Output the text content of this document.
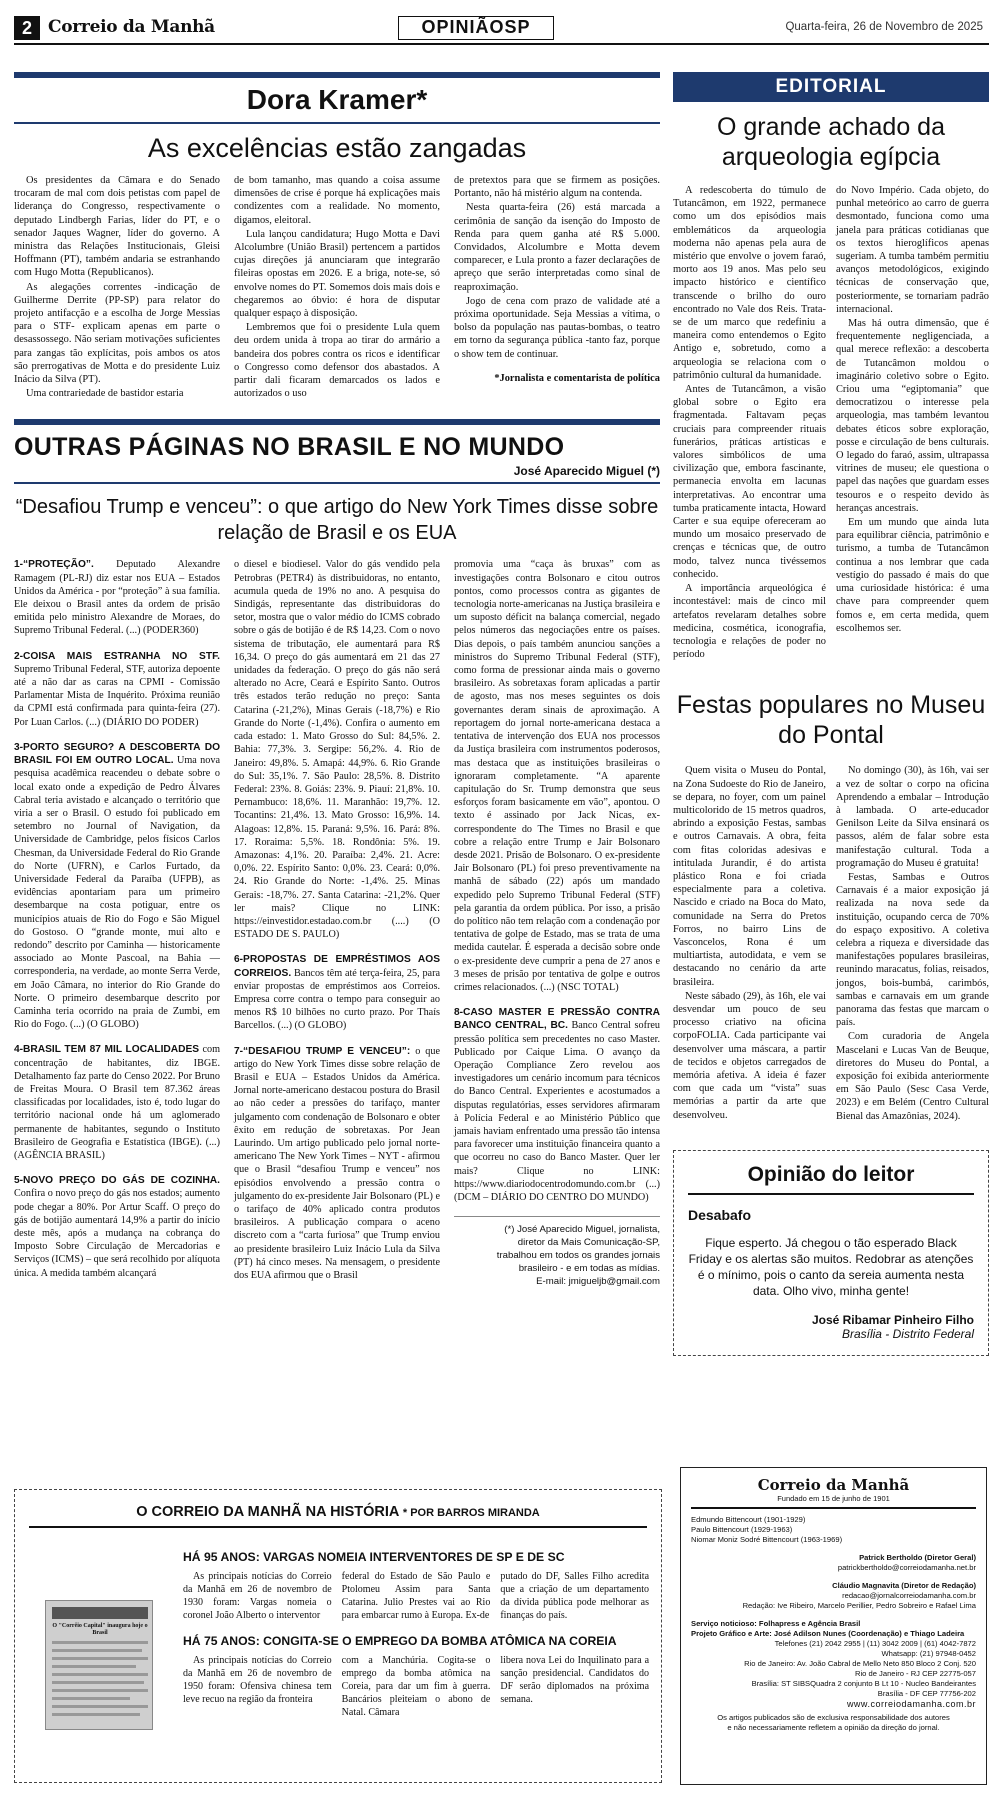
2 Correio da Manhã	OPINIÃOSP	Quarta-feira, 26 de Novembro de 2025
Dora Kramer*
As excelências estão zangadas

Os presidentes da Câmara e do Senado trocaram de mal com dois petistas com papel de liderança do Congresso, respectivamente o deputado Lindbergh Farias, líder do PT, e o senador Jaques Wagner, líder do governo. A ministra das Relações Institucionais, Gleisi Hoffmann (PT), também andaria se estranhando com Hugo Motta (Republicanos).

As alegações correntes -indicação de Guilherme Derrite (PP-SP) para relator do projeto antifacção e a escolha de Jorge Messias para o STF- explicam apenas em parte o desassossego. Não seriam motivações suficientes para zangas tão explícitas, pois ambos os atos são prerrogativas de Motta e do presidente Luiz Inácio da Silva (PT).

Uma contrariedade de bastidor estaria

de bom tamanho, mas quando a coisa assume dimensões de crise é porque há explicações mais condizentes com a realidade. No momento, digamos, eleitoral.

Lula lançou candidatura; Hugo Motta e Davi Alcolumbre (União Brasil) pertencem a partidos cujas direções já anunciaram que integrarão fileiras opostas em 2026. E a briga, note-se, só envolve nomes do PT. Somemos dois mais dois e chegaremos ao óbvio: é hora de disputar qualquer espaço à disposição.

Lembremos que foi o presidente Lula quem deu ordem unida à tropa ao tirar do armário a bandeira dos pobres contra os ricos e identificar o Congresso como defensor dos abastados. A partir dali ficaram demarcados os lados e autorizados o uso

de pretextos para que se firmem as posições. Portanto, não há mistério algum na contenda.

Nesta quarta-feira (26) está marcada a cerimônia de sanção da isenção do Imposto de Renda para quem ganha até R$ 5.000. Convidados, Alcolumbre e Motta devem comparecer, e Lula pronto a fazer declarações de apreço que serão interpretadas como sinal de reaproximação.

Jogo de cena com prazo de validade até a próxima oportunidade. Seja Messias a vítima, o bolso da população nas pautas-bombas, o teatro em torno da segurança pública -tanto faz, porque o show tem de continuar.

*Jornalista e comentarista de política

OUTRAS PÁGINAS NO BRASIL E NO MUNDO
José Aparecido Miguel (*)
“Desafiou Trump e venceu”: o que artigo do New York Times disse sobre relação de Brasil e os EUA

1-“PROTEÇÃO”. Deputado Alexandre Ramagem (PL-RJ) diz estar nos EUA – Estados Unidos da América - por “proteção” à sua família. Ele deixou o Brasil antes da ordem de prisão emitida pelo ministro Alexandre de Moraes, do Supremo Tribunal Federal. (...) (PODER360)

2-COISA MAIS ESTRANHA NO STF. Supremo Tribunal Federal, STF, autoriza depoente até a não dar as caras na CPMI - Comissão Parlamentar Mista de Inquérito. Próxima reunião da CPMI está confirmada para quinta-feira (27). Por Luan Carlos. (...) (DIÁRIO DO PODER)

3-PORTO SEGURO? A DESCOBERTA DO BRASIL FOI EM OUTRO LOCAL. Uma nova pesquisa acadêmica reacendeu o debate sobre o local exato onde a expedição de Pedro Álvares Cabral teria avistado e alcançado o território que viria a ser o Brasil. O estudo foi publicado em setembro no Journal of Navigation, da Universidade de Cambridge, pelos físicos Carlos Chesman, da Universidade Federal do Rio Grande do Norte (UFRN), e Carlos Furtado, da Universidade Federal da Paraíba (UFPB), as evidências apontariam para um primeiro desembarque na costa potiguar, entre os municípios atuais de Rio do Fogo e São Miguel do Gostoso. O “grande monte, mui alto e redondo” descrito por Caminha — historicamente associado ao Monte Pascoal, na Bahia — corresponderia, na verdade, ao monte Serra Verde, em João Câmara, no interior do Rio Grande do Norte. O primeiro desembarque descrito por Caminha teria ocorrido na praia de Zumbi, em Rio do Fogo. (...) (O GLOBO)

4-BRASIL TEM 87 MIL LOCALIDADES com concentração de habitantes, diz IBGE. Detalhamento faz parte do Censo 2022. Por Bruno de Freitas Moura. O Brasil tem 87.362 áreas classificadas por localidades, isto é, todo lugar do território nacional onde há um aglomerado permanente de habitantes, segundo o Instituto Brasileiro de Geografia e Estatística (IBGE). (...) (AGÊNCIA BRASIL)

5-NOVO PREÇO DO GÁS DE COZINHA. Confira o novo preço do gás nos estados; aumento pode chegar a 80%. Por Artur Scaff. O preço do gás de botijão aumentará 14,9% a partir do início deste mês, após a mudança na cobrança do Imposto Sobre Circulação de Mercadorias e Serviços (ICMS) – que será recolhido por alíquota única. A medida também alcançará

o diesel e biodiesel. Valor do gás vendido pela Petrobras (PETR4) às distribuidoras, no entanto, acumula queda de 19% no ano. A pesquisa do Sindigás, representante das distribuidoras do setor, mostra que o valor médio do ICMS cobrado sobre o gás de botijão é de R$ 14,23. Com o novo sistema de tributação, ele aumentará para R$ 16,34. O preço do gás aumentará em 21 das 27 unidades da federação. O preço do gás não será alterado no Acre, Ceará e Espírito Santo. Outros três estados terão redução no preço: Santa Catarina (-21,2%), Minas Gerais (-18,7%) e Rio Grande do Norte (-1,4%). Confira o aumento em cada estado: 1. Mato Grosso do Sul: 84,5%. 2. Bahia: 77,3%. 3. Sergipe: 56,2%. 4. Rio de Janeiro: 49,8%. 5. Amapá: 44,9%. 6. Rio Grande do Sul: 35,1%. 7. São Paulo: 28,5%. 8. Distrito Federal: 23%. 8. Goiás: 23%. 9. Piauí: 21,8%. 10. Pernambuco: 18,6%. 11. Maranhão: 19,7%. 12. Tocantins: 21,4%. 13. Mato Grosso: 16,9%. 14. Alagoas: 12,8%. 15. Paraná: 9,5%. 16. Pará: 8%. 17. Roraima: 5,5%. 18. Rondônia: 5%. 19. Amazonas: 4,1%. 20. Paraíba: 2,4%. 21. Acre: 0,0%. 22. Espírito Santo: 0,0%. 23. Ceará: 0,0%. 24. Rio Grande do Norte: -1,4%. 25. Minas Gerais: -18,7%. 27. Santa Catarina: -21,2%. Quer ler mais? Clique no LINK: https://einvestidor.estadao.com.br (....) (O ESTADO DE S. PAULO)

6-PROPOSTAS DE EMPRÉSTIMOS AOS CORREIOS. Bancos têm até terça-feira, 25, para enviar propostas de empréstimos aos Correios. Empresa corre contra o tempo para conseguir ao menos R$ 10 bilhões no curto prazo. Por Thaís Barcellos. (...) (O GLOBO)

7-“DESAFIOU TRUMP E VENCEU”: o que artigo do New York Times disse sobre relação de Brasil e EUA – Estados Unidos da América. Jornal norte-americano destacou postura do Brasil ao não ceder a pressões do tarifaço, manter julgamento com condenação de Bolsonaro e obter êxito em redução de sobretaxas. Por Jean Laurindo. Um artigo publicado pelo jornal norte-americano The New York Times – NYT - afirmou que o Brasil “desafiou Trump e venceu” nos episódios envolvendo a pressão contra o julgamento do ex-presidente Jair Bolsonaro (PL) e o tarifaço de 40% aplicado contra produtos brasileiros. A publicação compara o aceno discreto com a “carta furiosa” que Trump enviou ao presidente brasileiro Luiz Inácio Lula da Silva (PT) há cinco meses. Na mensagem, o presidente dos EUA afirmou que o Brasil

promovia uma “caça às bruxas” com as investigações contra Bolsonaro e citou outros pontos, como processos contra as gigantes de tecnologia norte-americanas na Justiça brasileira e um suposto déficit na balança comercial, negado pelos números das negociações entre os países. Dias depois, o país também anunciou sanções a ministros do Supremo Tribunal Federal (STF), como forma de pressionar ainda mais o governo brasileiro. As sobretaxas foram aplicadas a partir de agosto, mas nos meses seguintes os dois governantes deram sinais de aproximação. A reportagem do jornal norte-americana destaca a tentativa de intervenção dos EUA nos processos da Justiça brasileira com instrumentos poderosos, mas destaca que as instituições brasileiras o ignoraram completamente. “A aparente capitulação do Sr. Trump demonstra que seus esforços foram basicamente em vão”, apontou. O texto é assinado por Jack Nicas, ex-correspondente do The Times no Brasil e que cobre a relação entre Trump e Jair Bolsonaro desde 2021. Prisão de Bolsonaro. O ex-presidente Jair Bolsonaro (PL) foi preso preventivamente na manhã de sábado (22) após um mandado expedido pelo Supremo Tribunal Federal (STF) pela garantia da ordem pública. Por isso, a prisão do político não tem relação com a condenação por tentativa de golpe de Estado, mas se trata de uma medida cautelar. É esperada a decisão sobre onde o ex-presidente deve cumprir a pena de 27 anos e 3 meses de prisão por tentativa de golpe e outros crimes relacionados. (...) (NSC TOTAL)

8-CASO MASTER E PRESSÃO CONTRA BANCO CENTRAL, BC. Banco Central sofreu pressão política sem precedentes no caso Master. Publicado por Caique Lima. O avanço da Operação Compliance Zero revelou aos investigadores um cenário incomum para técnicos do Banco Central. Experientes e acostumados a disputas regulatórias, esses servidores afirmaram à Polícia Federal e ao Ministério Público que jamais haviam enfrentado uma pressão tão intensa para favorecer uma instituição financeira quanto a que ocorreu no caso do Banco Master. Quer ler mais? Clique no LINK: https://www.diariodocentrodomundo.com.br (...) (DCM – DIÁRIO DO CENTRO DO MUNDO)

(*) José Aparecido Miguel, jornalista,
diretor da Mais Comunicação-SP,
trabalhou em todos os grandes jornais
brasileiro - e em todas as mídias.
E-mail: jmigueljb@gmail.com
EDITORIAL
O grande achado da arqueologia egípcia

A redescoberta do túmulo de Tutancâmon, em 1922, permanece como um dos episódios mais emblemáticos da arqueologia moderna não apenas pela aura de mistério que envolve o jovem faraó, morto aos 19 anos. Mas pelo seu impacto histórico e científico transcende o brilho do ouro encontrado no Vale dos Reis. Trata-se de um marco que redefiniu a maneira como entendemos o Egito Antigo e, sobretudo, como a arqueologia se relaciona com o patrimônio cultural da humanidade.

Antes de Tutancâmon, a visão global sobre o Egito era fragmentada. Faltavam peças cruciais para compreender rituais funerários, práticas artísticas e valores simbólicos de uma civilização que, embora fascinante, permanecia envolta em lacunas interpretativas. Ao encontrar uma tumba praticamente intacta, Howard Carter e sua equipe ofereceram ao mundo um mosaico preservado de crenças e técnicas que, de outro modo, talvez nunca tivéssemos conhecido.

A importância arqueológica é incontestável: mais de cinco mil artefatos revelaram detalhes sobre medicina, cosmética, iconografia, tecnologia e relações de poder no período

do Novo Império. Cada objeto, do punhal meteórico ao carro de guerra desmontado, funciona como uma janela para práticas cotidianas que os textos hieroglíficos apenas sugeriam. A tumba também permitiu avanços metodológicos, exigindo técnicas de conservação que, posteriormente, se tornariam padrão internacional.

Mas há outra dimensão, que é frequentemente negligenciada, a qual merece reflexão: a descoberta de Tutancâmon moldou o imaginário coletivo sobre o Egito. Criou uma “egiptomania” que democratizou o interesse pela arqueologia, mas também levantou debates éticos sobre exploração, posse e circulação de bens culturais. O legado do faraó, assim, ultrapassa vitrines de museu; ele questiona o papel das nações que guardam esses tesouros e o respeito devido às heranças ancestrais.

Em um mundo que ainda luta para equilibrar ciência, patrimônio e turismo, a tumba de Tutancâmon continua a nos lembrar que cada vestígio do passado é mais do que uma curiosidade histórica: é uma chave para compreender quem fomos e, em certa medida, quem escolhemos ser.

Festas populares no Museu do Pontal

Quem visita o Museu do Pontal, na Zona Sudoeste do Rio de Janeiro, se depara, no foyer, com um painel multicolorido de 15 metros quadros, abrindo a exposição Festas, sambas e outros Carnavais. A obra, feita com fitas coloridas adesivas e intitulada Jurandir, é do artista plástico Rona e foi criada especialmente para a coletiva. Nascido e criado na Boca do Mato, comunidade na Serra do Pretos Forros, no bairro Lins de Vasconcelos, Rona é um multiartista, autodidata, e vem se destacando no cenário da arte brasileira.

Neste sábado (29), às 16h, ele vai desvendar um pouco de seu processo criativo na oficina corpoFOLIA. Cada participante vai desenvolver uma máscara, a partir de tecidos e objetos carregados de memória afetiva. A ideia é fazer com que cada um “vista” suas memórias a partir da arte que desenvolveu.

No domingo (30), às 16h, vai ser a vez de soltar o corpo na oficina Aprendendo a embalar – Introdução à lambada. O arte-educador Genilson Leite da Silva ensinará os passos, além de falar sobre esta manifestação cultural. Toda a programação do Museu é gratuita!

Festas, Sambas e Outros Carnavais é a maior exposição já realizada na nova sede da instituição, ocupando cerca de 70% do espaço expositivo. A coletiva celebra a riqueza e diversidade das manifestações populares brasileiras, reunindo maracatus, folias, reisados, jongos, bois-bumbá, carimbós, sambas e carnavais em um grande panorama das festas que marcam o país.

Com curadoria de Angela Mascelani e Lucas Van de Beuque, diretores do Museu do Pontal, a exposição foi exibida anteriormente em São Paulo (Sesc Casa Verde, 2023) e em Belém (Centro Cultural Bienal das Amazônias, 2024).

Opinião do leitor
Desabafo
Fique esperto. Já chegou o tão esperado Black Friday e os alertas são muitos. Redobrar as atenções é o mínimo, pois o canto da sereia aumenta nesta data. Olho vivo, minha gente!
José Ribamar Pinheiro Filho
Brasília - Distrito Federal
O CORREIO DA MANHÃ NA HISTÓRIA * POR BARROS MIRANDA
O "Corrêio Capital" inaugura hoje o Brasil
HÁ 95 ANOS: VARGAS NOMEIA INTERVENTORES DE SP E DE SC

As principais notícias do Correio da Manhã em 26 de novembro de 1930 foram: Vargas nomeia o coronel João Alberto o interventor

federal do Estado de São Paulo e Ptolomeu Assim para Santa Catarina. Julio Prestes vai ao Rio para embarcar rumo à Europa. Ex-de

putado do DF, Salles Filho acredita que a criação de um departamento da dívida pública pode melhorar as finanças do país.

HÁ 75 ANOS: CONGITA-SE O EMPREGO DA BOMBA ATÔMICA NA COREIA

As principais notícias do Correio da Manhã em 26 de novembro de 1950 foram: Ofensiva chinesa tem leve recuo na região da fronteira

com a Manchúria. Cogita-se o emprego da bomba atômica na Coreia, para dar um fim à guerra. Bancários pleiteiam o abono de Natal. Câmara

libera nova Lei do Inquilinato para a sanção presidencial. Candidatos do DF serão diplomados na próxima semana.

Correio da Manhã
Fundado em 15 de junho de 1901
Edmundo Bittencourt (1901-1929)
Paulo Bittencourt (1929-1963)
Niomar Moniz Sodré Bittencourt (1963-1969)
Patrick Bertholdo (Diretor Geral)
patrickbertholdo@correiodamanha.net.br
Cláudio Magnavita (Diretor de Redação)
redacao@jornalcorreiodamanha.com.br
Redação: Ive Ribeiro, Marcelo Perillier, Pedro Sobreiro e Rafael Lima
Serviço noticioso: Folhapress e Agência Brasil
Projeto Gráfico e Arte: José Adilson Nunes (Coordenação) e Thiago Ladeira
Telefones (21) 2042 2955 | (11) 3042 2009 | (61) 4042-7872
Whatsapp: (21) 97948-0452
Rio de Janeiro: Av. João Cabral de Mello Neto 850 Bloco 2 Conj. 520
Rio de Janeiro - RJ CEP 22775-057
Brasília: ST SIBSQuadra 2 conjunto B Lt 10 - Nucleo Bandeirantes
Brasília - DF CEP 77756-202
www.correiodamanha.com.br
Os artigos publicados são de exclusiva responsabilidade dos autores
e não necessariamente refletem a opinião da direção do jornal.
